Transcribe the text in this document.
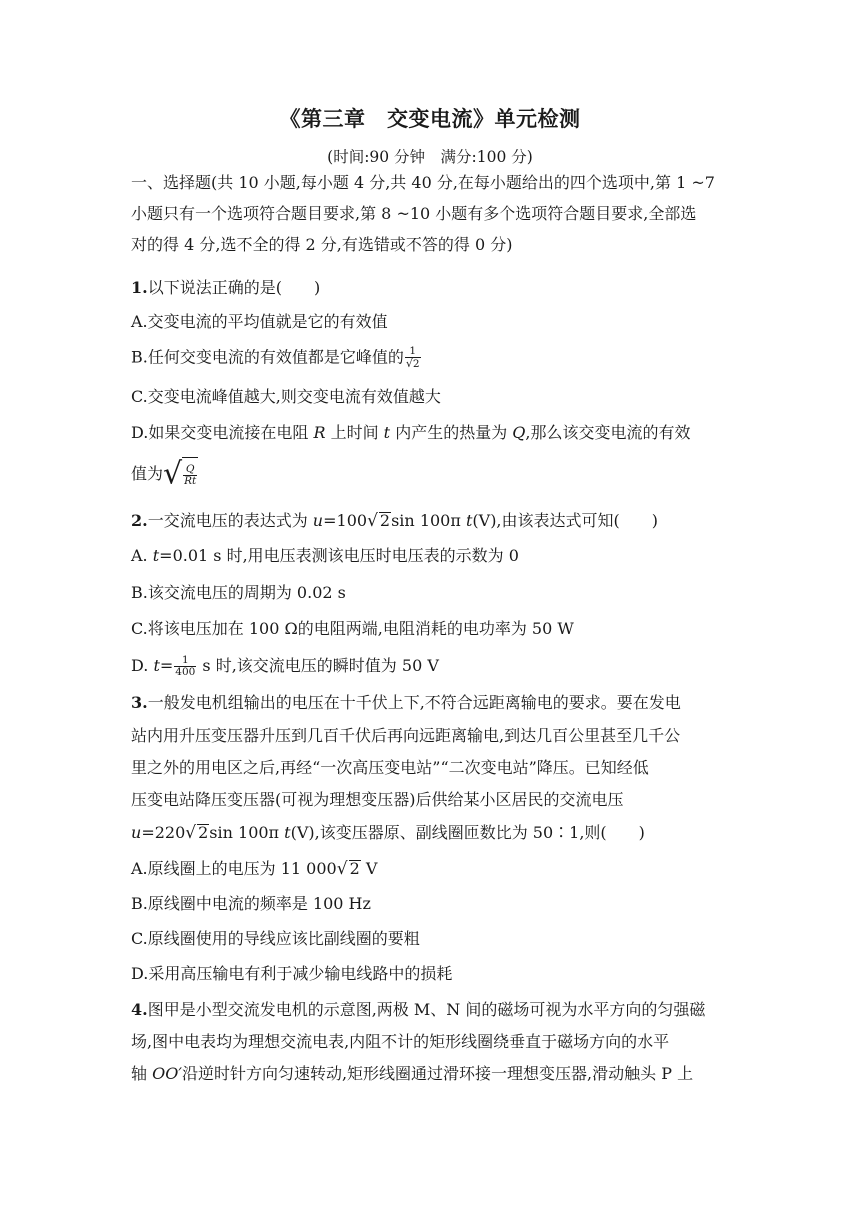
《第三章　交变电流》单元检测
(时间:90 分钟　满分:100 分)
一、选择题(共 10 小题,每小题 4 分,共 40 分,在每小题给出的四个选项中,第 1 ~7
小题只有一个选项符合题目要求,第 8 ~10 小题有多个选项符合题目要求,全部选
对的得 4 分,选不全的得 2 分,有选错或不答的得 0 分)
1.以下说法正确的是(　　)
A.交变电流的平均值就是它的有效值
B.任何交变电流的有效值都是它峰值的 $\frac{1}{√2}$
C.交变电流峰值越大,则交变电流有效值越大
D.如果交变电流接在电阻 R 上时间 t 内产生的热量为 Q,那么该交变电流的有效
值为√ $\frac{Q}{Rt}$
2.一交流电压的表达式为 u=100√ 2sin 100π t(V),由该表达式可知(　　)
A. t=0.01 s 时,用电压表测该电压时电压表的示数为 0
B.该交流电压的周期为 0.02 s
C.将该电压加在 100 Ω的电阻两端,电阻消耗的电功率为 50 W
D. $t= \frac{1}{400}$ s 时,该交流电压的瞬时值为 50 V
3.一般发电机组输出的电压在十千伏上下,不符合远距离输电的要求。要在发电
站内用升压变压器升压到几百千伏后再向远距离输电,到达几百公里甚至几千公
里之外的用电区之后,再经“一次高压变电站”“二次变电站”降压。已知经低
压变电站降压变压器(可视为理想变压器)后供给某小区居民的交流电压
u=220√ 2sin 100π t(V),该变压器原、副线圈匝数比为 50∶1,则(　　)
A.原线圈上的电压为 11 000√ 2 V
B.原线圈中电流的频率是 100 Hz
C.原线圈使用的导线应该比副线圈的要粗
D.采用高压输电有利于减少输电线路中的损耗
4.图甲是小型交流发电机的示意图,两极 M、N 间的磁场可视为水平方向的匀强磁
场,图中电表均为理想交流电表,内阻不计的矩形线圈绕垂直于磁场方向的水平
轴 OO′沿逆时针方向匀速转动,矩形线圈通过滑环接一理想变压器,滑动触头 P 上
